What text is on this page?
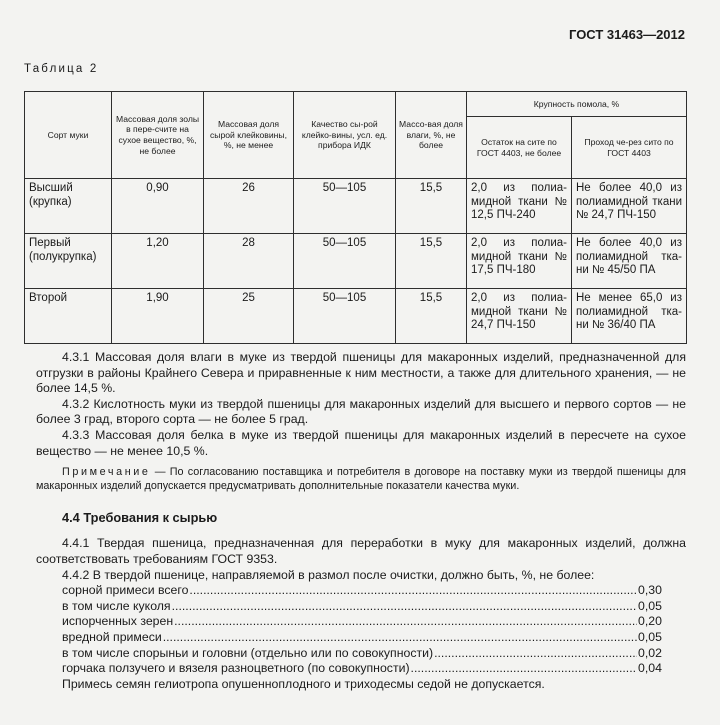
ГОСТ 31463—2012
Таблица 2
Сорт муки	Массовая доля золы в пере-счите на сухое вещество, %, не более	Массовая доля сырой клейковины, %, не менее	Качество сы-рой клейко-вины, усл. ед. прибора ИДК	Массо-вая доля влаги, %, не более	Крупность помола, %	
					Остаток на сите по ГОСТ 4403, не более	Проход че-рез сито по ГОСТ 4403
Высший (крупка)	0,90	26	50—105	15,5	2,0 из полиа-мидной ткани № 12,5 ПЧ-240	Не более 40,0 из полиамидной ткани № 24,7 ПЧ-150
Первый (полукрупка)	1,20	28	50—105	15,5	2,0 из полиа-мидной ткани № 17,5 ПЧ-180	Не более 40,0 из полиамидной тка-ни № 45/50 ПА
Второй	1,90	25	50—105	15,5	2,0 из полиа-мидной ткани № 24,7 ПЧ-150	Не менее 65,0 из полиамидной тка-ни № 36/40 ПА

4.3.1 Массовая доля влаги в муке из твердой пшеницы для макаронных изделий, предназначенной для отгрузки в районы Крайнего Севера и приравненные к ним местности, а также для длительного хранения, — не более 14,5 %.

4.3.2 Кислотность муки из твердой пшеницы для макаронных изделий для высшего и первого сортов — не более 3 град, второго сорта — не более 5 град.

4.3.3 Массовая доля белка в муке из твердой пшеницы для макаронных изделий в пересчете на сухое вещество — не менее 10,5 %.

Примечание — По согласованию поставщика и потребителя в договоре на поставку муки из твердой пшеницы для макаронных изделий допускается предусматривать дополнительные показатели качества муки.

4.4 Требования к сырью

4.4.1 Твердая пшеница, предназначенная для переработки в муку для макаронных изделий, должна соответствовать требованиям ГОСТ 9353.

4.4.2 В твердой пшенице, направляемой в размол после очистки, должно быть, %, не более:

сорной примеси всего .....	0,30
в том числе куколя .....	0,05
испорченных зерен .....	0,20
вредной примеси .....	0,05
в том числе спорыньи и головни (отдельно или по совокупности) .....	0,02
горчака ползучего и вязеля разноцветного (по совокупности) .....	0,04

Примесь семян гелиотропа опушенноплодного и триходесмы седой не допускается.
